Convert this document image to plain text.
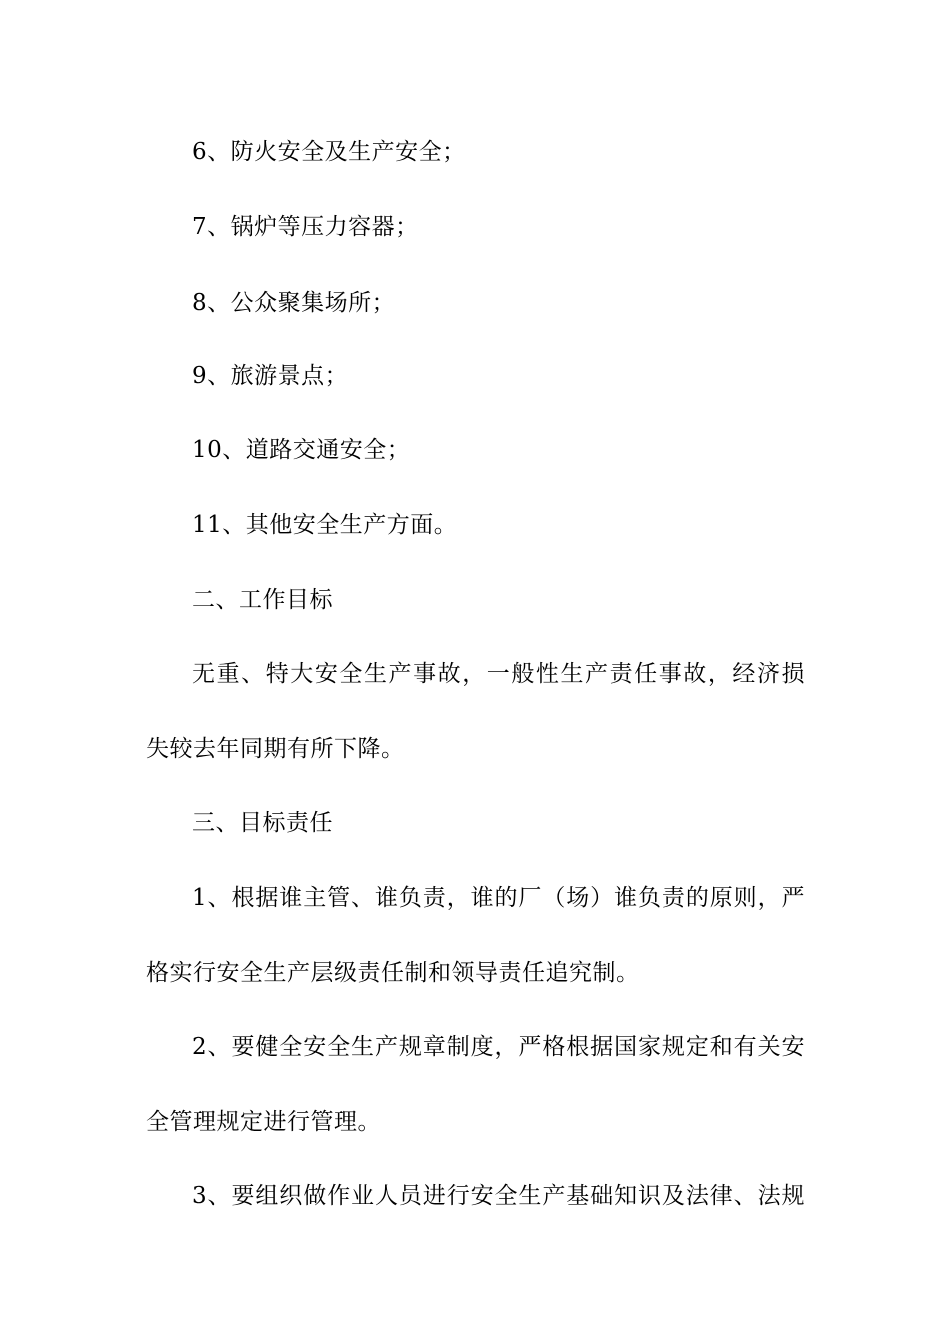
6、防火安全及生产安全；
7、锅炉等压力容器；
8、公众聚集场所；
9、旅游景点；
10、道路交通安全；
11、其他安全生产方面。
二、工作目标
无重、特大安全生产事故，一般性生产责任事故，经济损
失较去年同期有所下降。
三、目标责任
1、根据谁主管、谁负责，谁的厂（场）谁负责的原则，严
格实行安全生产层级责任制和领导责任追究制。
2、要健全安全生产规章制度，严格根据国家规定和有关安
全管理规定进行管理。
3、要组织做作业人员进行安全生产基础知识及法律、法规
